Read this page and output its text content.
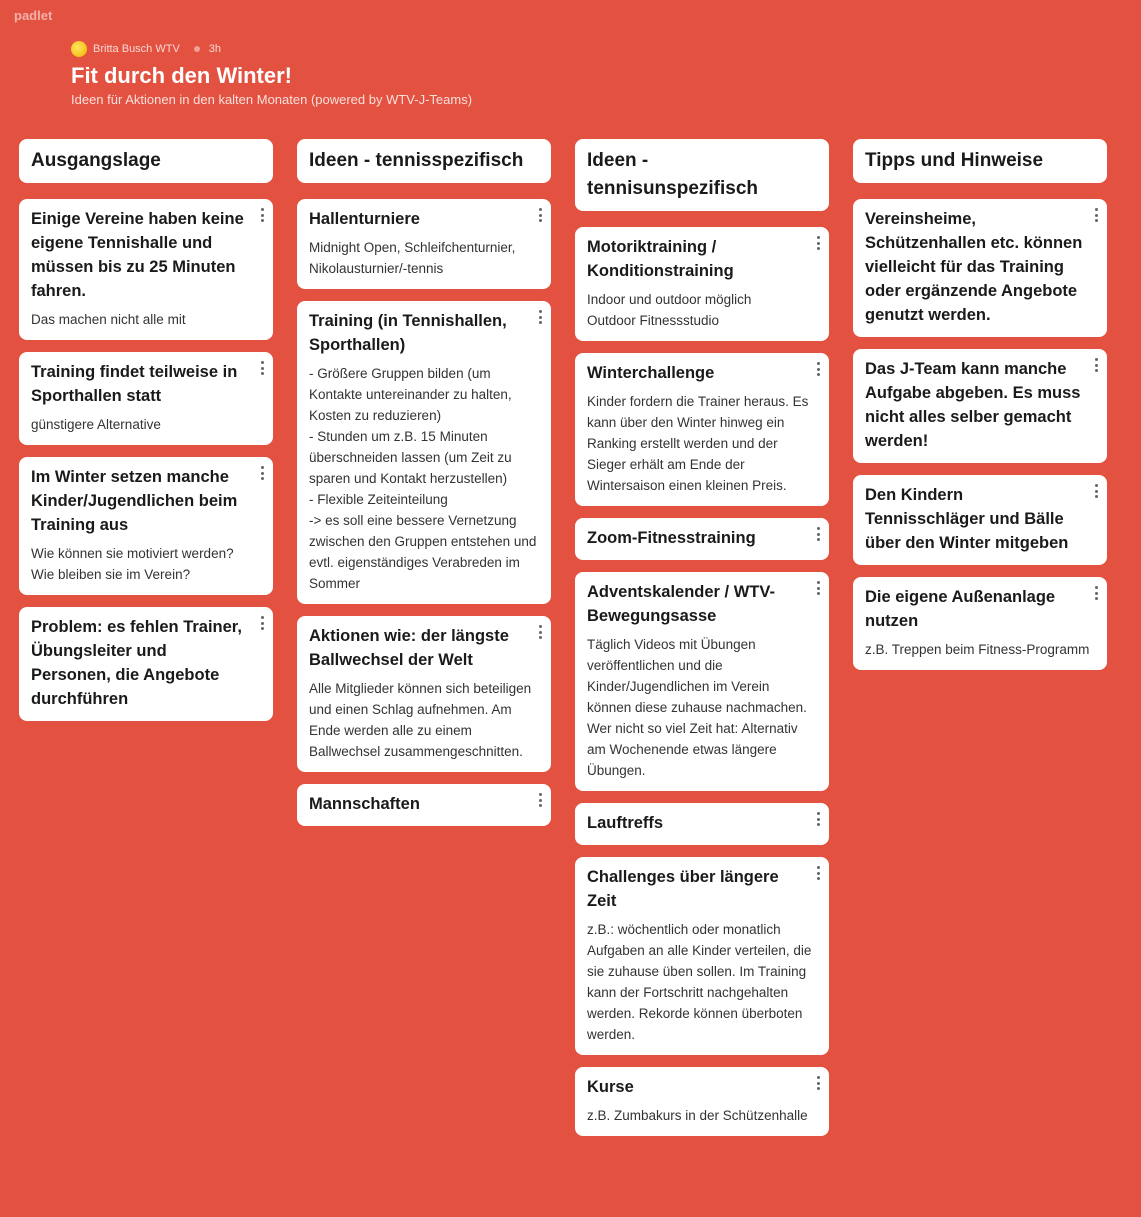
padlet
Britta Busch WTV	3h
Fit durch den Winter!
Ideen für Aktionen in den kalten Monaten (powered by WTV-J-Teams)
Ausgangslage
Einige Vereine haben keine eigene Tennishalle und müssen bis zu 25 Minuten fahren.
Das machen nicht alle mit
Training findet teilweise in Sporthallen statt
günstigere Alternative
Im Winter setzen manche Kinder/Jugendlichen beim Training aus
Wie können sie motiviert werden?
Wie bleiben sie im Verein?
Problem: es fehlen Trainer, Übungsleiter und Personen, die Angebote durchführen
Ideen - tennisspezifisch
Hallenturniere
Midnight Open, Schleifchenturnier, Nikolausturnier/-tennis
Training (in Tennishallen, Sporthallen)
- Größere Gruppen bilden (um Kontakte untereinander zu halten, Kosten zu reduzieren)
- Stunden um z.B. 15 Minuten überschneiden lassen (um Zeit zu sparen und Kontakt herzustellen)
- Flexible Zeiteinteilung
-> es soll eine bessere Vernetzung zwischen den Gruppen entstehen und evtl. eigenständiges Verabreden im Sommer
Aktionen wie: der längste Ballwechsel der Welt
Alle Mitglieder können sich beteiligen und einen Schlag aufnehmen. Am Ende werden alle zu einem Ballwechsel zusammengeschnitten.
Mannschaften
Ideen - tennisunspezifisch
Motoriktraining / Konditionstraining
Indoor und outdoor möglich
Outdoor Fitnessstudio
Winterchallenge
Kinder fordern die Trainer heraus. Es kann über den Winter hinweg ein Ranking erstellt werden und der Sieger erhält am Ende der Wintersaison einen kleinen Preis.
Zoom-Fitnesstraining
Adventskalender / WTV-Bewegungsasse
Täglich Videos mit Übungen veröffentlichen und die Kinder/Jugendlichen im Verein können diese zuhause nachmachen.
Wer nicht so viel Zeit hat: Alternativ am Wochenende etwas längere Übungen.
Lauftreffs
Challenges über längere Zeit
z.B.: wöchentlich oder monatlich Aufgaben an alle Kinder verteilen, die sie zuhause üben sollen. Im Training kann der Fortschritt nachgehalten werden. Rekorde können überboten werden.
Kurse
z.B. Zumbakurs in der Schützenhalle
Tipps und Hinweise
Vereinsheime, Schützenhallen etc. können vielleicht für das Training oder ergänzende Angebote genutzt werden.
Das J-Team kann manche Aufgabe abgeben. Es muss nicht alles selber gemacht werden!
Den Kindern Tennisschläger und Bälle über den Winter mitgeben
Die eigene Außenanlage nutzen
z.B. Treppen beim Fitness-Programm
